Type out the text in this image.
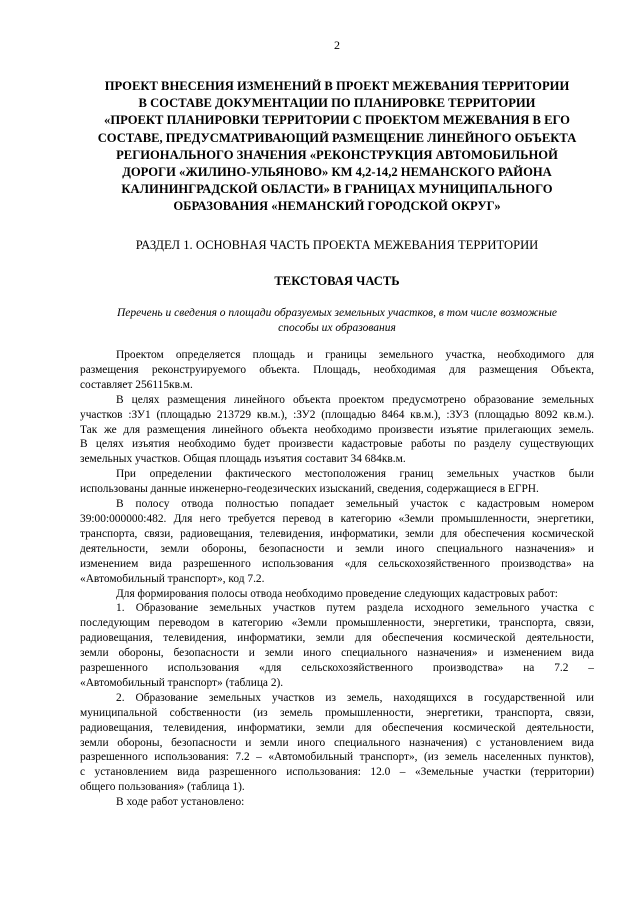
2
ПРОЕКТ ВНЕСЕНИЯ ИЗМЕНЕНИЙ В ПРОЕКТ МЕЖЕВАНИЯ ТЕРРИТОРИИ
В СОСТАВЕ ДОКУМЕНТАЦИИ ПО ПЛАНИРОВКЕ ТЕРРИТОРИИ
«ПРОЕКТ ПЛАНИРОВКИ ТЕРРИТОРИИ С ПРОЕКТОМ МЕЖЕВАНИЯ В ЕГО
СОСТАВЕ, ПРЕДУСМАТРИВАЮЩИЙ РАЗМЕЩЕНИЕ ЛИНЕЙНОГО ОБЪЕКТА
РЕГИОНАЛЬНОГО ЗНАЧЕНИЯ «РЕКОНСТРУКЦИЯ АВТОМОБИЛЬНОЙ
ДОРОГИ «ЖИЛИНО-УЛЬЯНОВО» КМ 4,2-14,2 НЕМАНСКОГО РАЙОНА
КАЛИНИНГРАДСКОЙ ОБЛАСТИ» В ГРАНИЦАХ МУНИЦИПАЛЬНОГО
ОБРАЗОВАНИЯ «НЕМАНСКИЙ ГОРОДСКОЙ ОКРУГ»
РАЗДЕЛ 1. ОСНОВНАЯ ЧАСТЬ ПРОЕКТА МЕЖЕВАНИЯ ТЕРРИТОРИИ
ТЕКСТОВАЯ ЧАСТЬ
Перечень и сведения о площади образуемых земельных участков, в том числе возможные
способы их образования
Проектом определяется площадь и границы земельного участка, необходимого для
размещения реконструируемого объекта. Площадь, необходимая для размещения Объекта,
составляет 256115кв.м.
В целях размещения линейного объекта проектом предусмотрено образование земельных
участков :ЗУ1 (площадью 213729 кв.м.), :ЗУ2 (площадью 8464 кв.м.), :ЗУ3 (площадью 8092 кв.м.).
Так же для размещения линейного объекта необходимо произвести изъятие прилегающих земель.
В целях изъятия необходимо будет произвести кадастровые работы по разделу существующих
земельных участков. Общая площадь изъятия составит 34 684кв.м.
При определении фактического местоположения границ земельных участков были
использованы данные инженерно-геодезических изысканий, сведения, содержащиеся в ЕГРН.
В полосу отвода полностью попадает земельный участок с кадастровым номером
39:00:000000:482. Для него требуется перевод в категорию «Земли промышленности, энергетики,
транспорта, связи, радиовещания, телевидения, информатики, земли для обеспечения космической
деятельности, земли обороны, безопасности и земли иного специального назначения» и
изменением вида разрешенного использования «для сельскохозяйственного производства» на
«Автомобильный транспорт», код 7.2.
Для формирования полосы отвода необходимо проведение следующих кадастровых работ:
1. Образование земельных участков путем раздела исходного земельного участка с
последующим переводом в категорию «Земли промышленности, энергетики, транспорта, связи,
радиовещания, телевидения, информатики, земли для обеспечения космической деятельности,
земли обороны, безопасности и земли иного специального назначения» и изменением вида
разрешенного использования «для сельскохозяйственного производства» на 7.2 –
«Автомобильный транспорт» (таблица 2).
2. Образование земельных участков из земель, находящихся в государственной или
муниципальной собственности (из земель промышленности, энергетики, транспорта, связи,
радиовещания, телевидения, информатики, земли для обеспечения космической деятельности,
земли обороны, безопасности и земли иного специального назначения) с установлением вида
разрешенного использования: 7.2 – «Автомобильный транспорт», (из земель населенных пунктов),
с установлением вида разрешенного использования: 12.0 – «Земельные участки (территории)
общего пользования» (таблица 1).
В ходе работ установлено:
